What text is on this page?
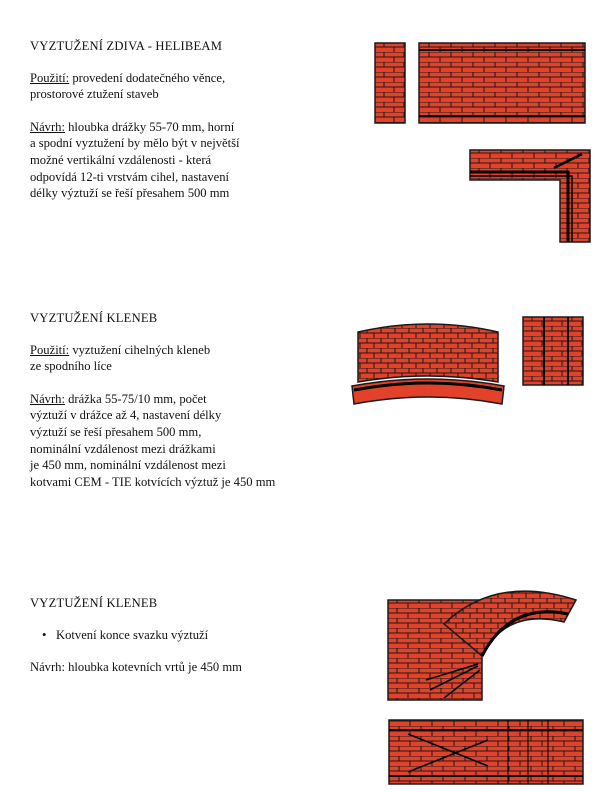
VYZTUŽENÍ ZDIVA - HELIBEAM

Použití: provedení dodatečného věnce,
prostorové ztužení staveb

Návrh: hloubka drážky 55-70 mm, horní
a spodní vyztužení by mělo být v největší
možné vertikální vzdálenosti - která
odpovídá 12-ti vrstvám cihel, nastavení
délky výztuží se řeší přesahem 500 mm

VYZTUŽENÍ KLENEB

Použití: vyztužení cihelných kleneb
ze spodního líce

Návrh: drážka 55-75/10 mm, počet
výztuží v drážce až 4, nastavení délky
výztuží se řeší přesahem 500 mm,
nominální vzdálenost mezi drážkami
je 450 mm, nominální vzdálenost mezi
kotvami CEM - TIE kotvících výztuž je 450 mm

VYZTUŽENÍ KLENEB

• Kotvení konce svazku výztuží

Návrh: hloubka kotevních vrtů je 450 mm
